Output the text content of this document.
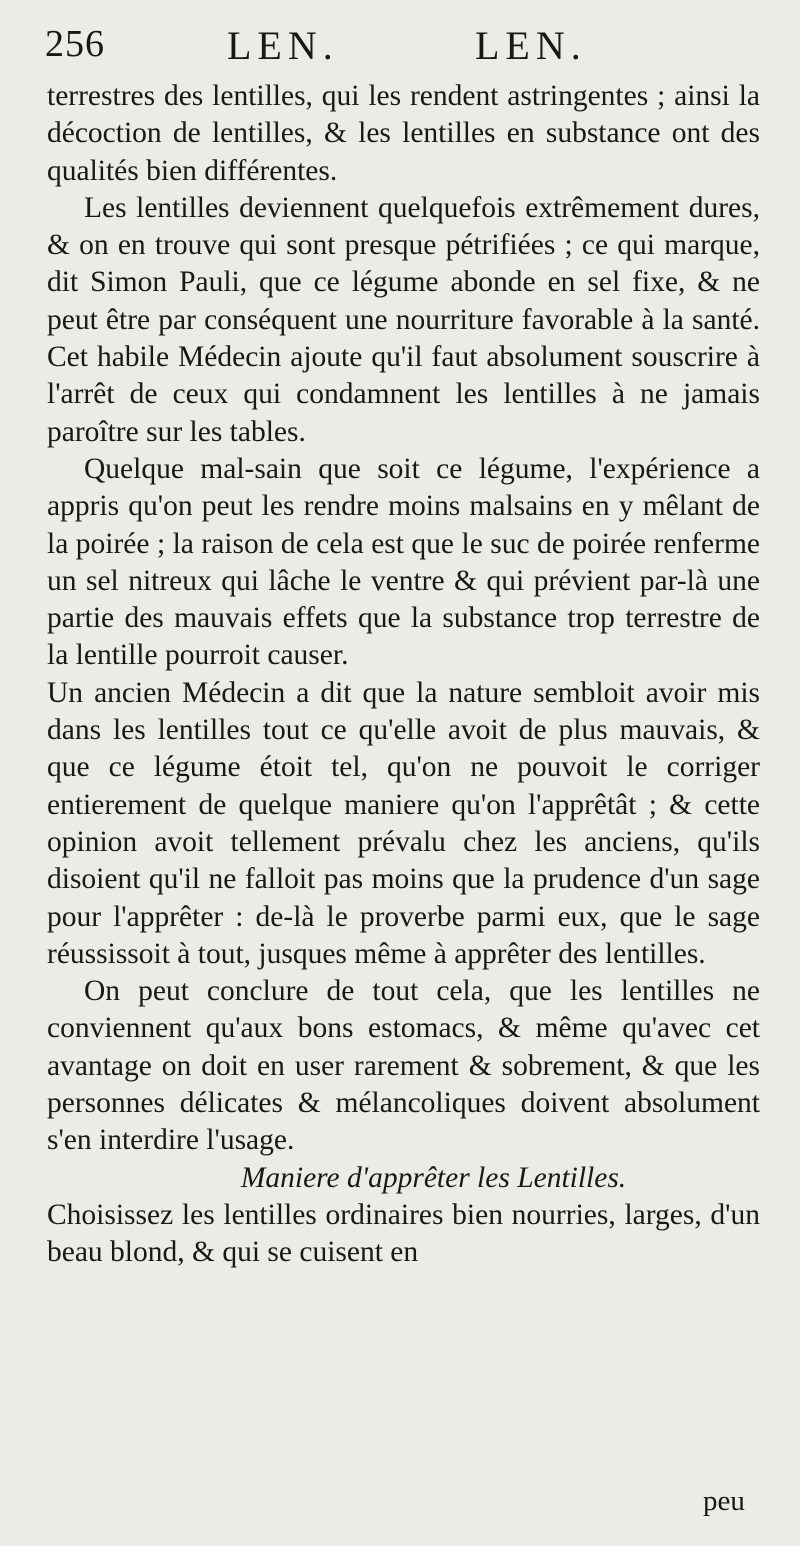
256	LEN.	LEN.

terrestres des lentilles, qui les rendent astringentes ; ainsi la décoction de lentilles, & les lentilles en substance ont des qualités bien différentes.

Les lentilles deviennent quelquefois extrêmement dures, & on en trouve qui sont presque pétrifiées ; ce qui marque, dit Simon Pauli, que ce légume abonde en sel fixe, & ne peut être par conséquent une nourriture favorable à la santé. Cet habile Médecin ajoute qu'il faut absolument souscrire à l'arrêt de ceux qui condamnent les lentilles à ne jamais paroître sur les tables.

Quelque mal-sain que soit ce légume, l'expérience a appris qu'on peut les rendre moins malsains en y mêlant de la poirée ; la raison de cela est que le suc de poirée renferme un sel nitreux qui lâche le ventre & qui prévient par-là une partie des mauvais effets que la substance trop terrestre de la lentille pourroit causer.

Un ancien Médecin a dit que la nature sembloit avoir mis dans les lentilles tout ce qu'elle avoit de plus mauvais, & que ce légume étoit tel, qu'on ne pouvoit le corriger entierement de quelque maniere qu'on l'apprêtât ; & cette opinion avoit tellement prévalu chez les anciens, qu'ils disoient qu'il ne falloit pas moins que la prudence d'un sage pour l'apprêter : de-là le proverbe parmi eux, que le sage réussissoit à tout, jusques même à apprêter des lentilles.

On peut conclure de tout cela, que les lentilles ne conviennent qu'aux bons estomacs, & même qu'avec cet avantage on doit en user rarement & sobrement, & que les personnes délicates & mélancoliques doivent absolument s'en interdire l'usage.

Maniere d'apprêter les Lentilles.

Choisissez les lentilles ordinaires bien nourries, larges, d'un beau blond, & qui se cuisent en

peu
